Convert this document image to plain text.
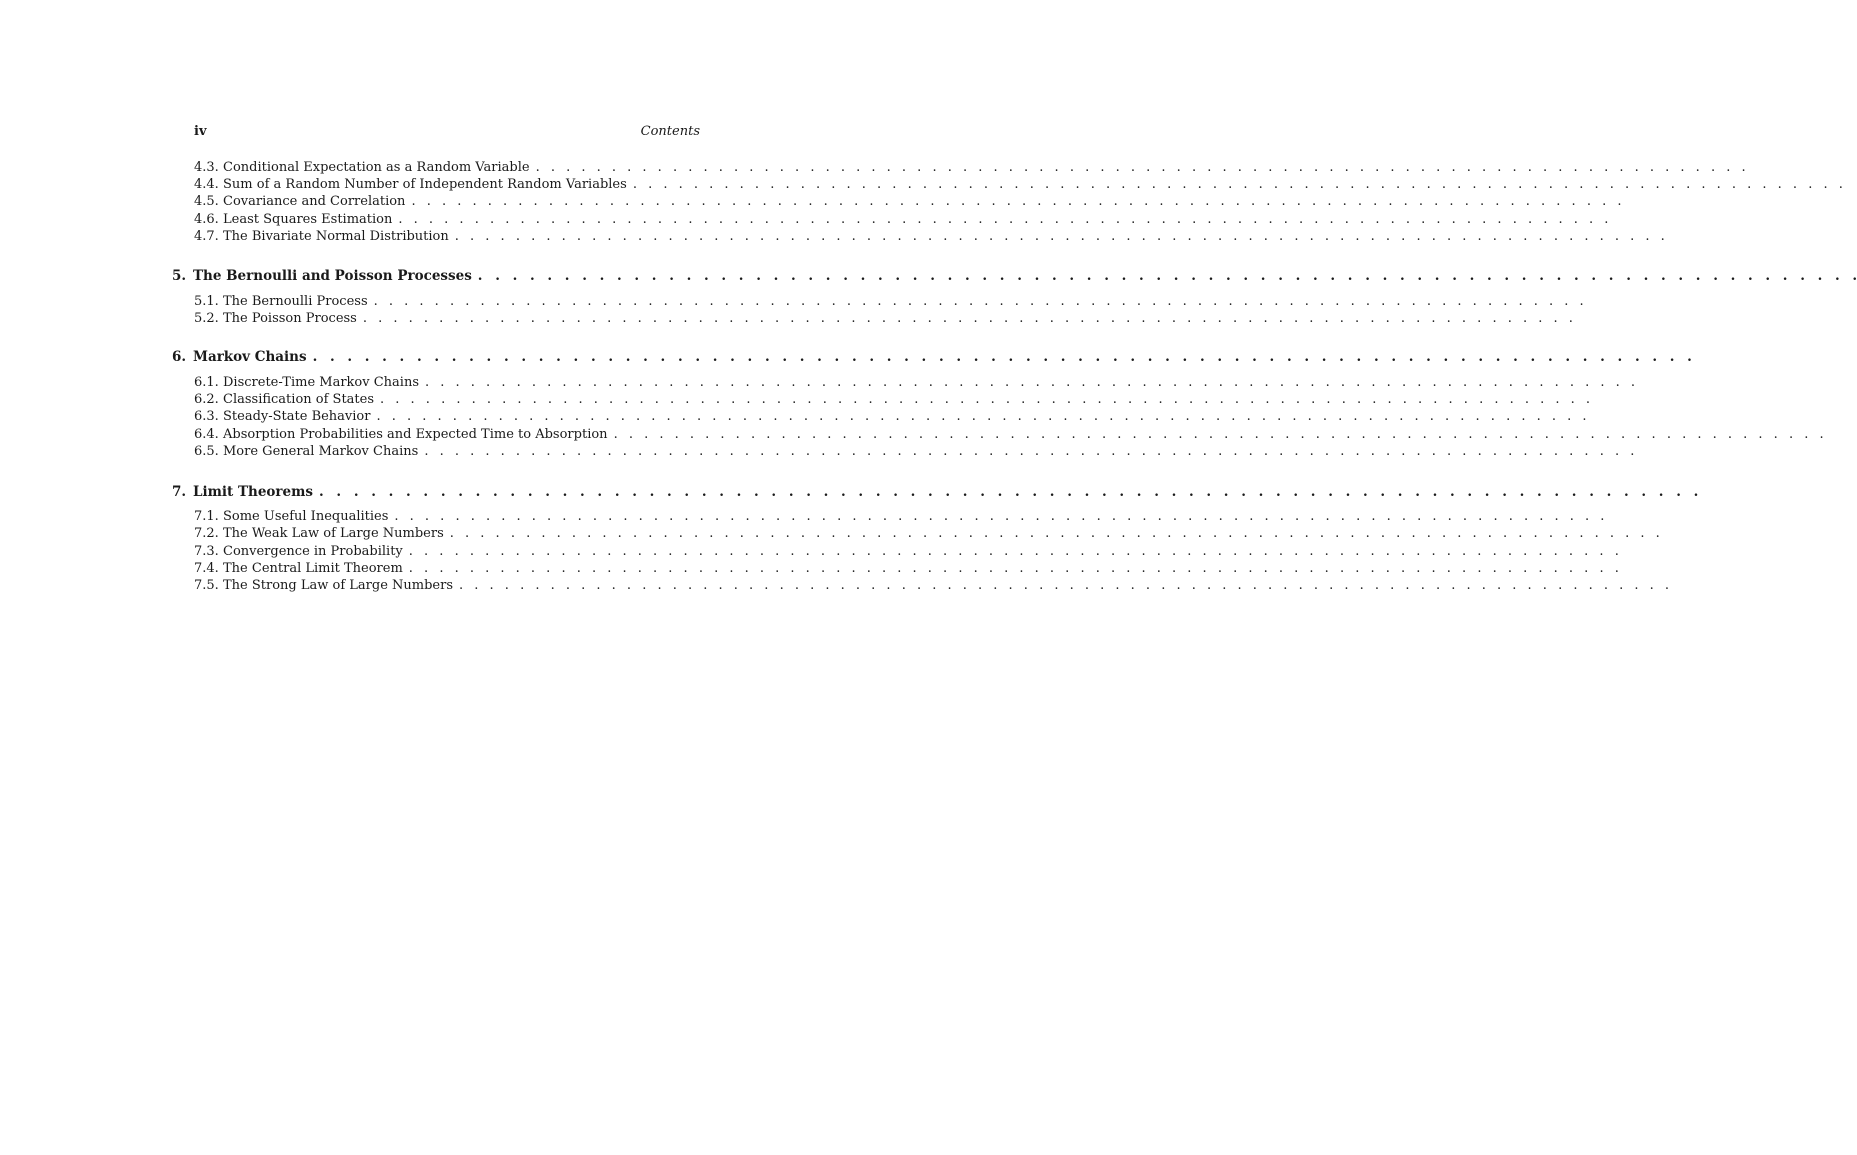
iv	Contents
4.3. Conditional Expectation as a Random Variable . . . . . . . . . . . . . . . . . . . . . . . . . . . . . . . . . . . . . . . . . . . . . . . . . . . . . . . . . . . . . . . . . . . . . . . . . . . . . . . .
4.4. Sum of a Random Number of Independent Random Variables . . . . . . . . . . . . . . . . . . . . . . . . . . . . . . . . . . . . . . . . . . . . . . . . . . . . . . . . . . . . . . . . . . . . . . . . . . . . . . . .
4.5. Covariance and Correlation . . . . . . . . . . . . . . . . . . . . . . . . . . . . . . . . . . . . . . . . . . . . . . . . . . . . . . . . . . . . . . . . . . . . . . . . . . . . . . . .
4.6. Least Squares Estimation . . . . . . . . . . . . . . . . . . . . . . . . . . . . . . . . . . . . . . . . . . . . . . . . . . . . . . . . . . . . . . . . . . . . . . . . . . . . . . . .
4.7. The Bivariate Normal Distribution . . . . . . . . . . . . . . . . . . . . . . . . . . . . . . . . . . . . . . . . . . . . . . . . . . . . . . . . . . . . . . . . . . . . . . . . . . . . . . . .
5. The Bernoulli and Poisson Processes . . . . . . . . . . . . . . . . . . . . . . . . . . . . . . . . . . . . . . . . . . . . . . . . . . . . . . . . . . . . . . . . . . . . . . . . . . . . . . . .
5.1. The Bernoulli Process . . . . . . . . . . . . . . . . . . . . . . . . . . . . . . . . . . . . . . . . . . . . . . . . . . . . . . . . . . . . . . . . . . . . . . . . . . . . . . . .
5.2. The Poisson Process . . . . . . . . . . . . . . . . . . . . . . . . . . . . . . . . . . . . . . . . . . . . . . . . . . . . . . . . . . . . . . . . . . . . . . . . . . . . . . . .
6. Markov Chains . . . . . . . . . . . . . . . . . . . . . . . . . . . . . . . . . . . . . . . . . . . . . . . . . . . . . . . . . . . . . . . . . . . . . . . . . . . . . . . .
6.1. Discrete-Time Markov Chains . . . . . . . . . . . . . . . . . . . . . . . . . . . . . . . . . . . . . . . . . . . . . . . . . . . . . . . . . . . . . . . . . . . . . . . . . . . . . . . .
6.2. Classification of States . . . . . . . . . . . . . . . . . . . . . . . . . . . . . . . . . . . . . . . . . . . . . . . . . . . . . . . . . . . . . . . . . . . . . . . . . . . . . . . .
6.3. Steady-State Behavior . . . . . . . . . . . . . . . . . . . . . . . . . . . . . . . . . . . . . . . . . . . . . . . . . . . . . . . . . . . . . . . . . . . . . . . . . . . . . . . .
6.4. Absorption Probabilities and Expected Time to Absorption . . . . . . . . . . . . . . . . . . . . . . . . . . . . . . . . . . . . . . . . . . . . . . . . . . . . . . . . . . . . . . . . . . . . . . . . . . . . . . . .
6.5. More General Markov Chains . . . . . . . . . . . . . . . . . . . . . . . . . . . . . . . . . . . . . . . . . . . . . . . . . . . . . . . . . . . . . . . . . . . . . . . . . . . . . . . .
7. Limit Theorems . . . . . . . . . . . . . . . . . . . . . . . . . . . . . . . . . . . . . . . . . . . . . . . . . . . . . . . . . . . . . . . . . . . . . . . . . . . . . . . .
7.1. Some Useful Inequalities . . . . . . . . . . . . . . . . . . . . . . . . . . . . . . . . . . . . . . . . . . . . . . . . . . . . . . . . . . . . . . . . . . . . . . . . . . . . . . . .
7.2. The Weak Law of Large Numbers . . . . . . . . . . . . . . . . . . . . . . . . . . . . . . . . . . . . . . . . . . . . . . . . . . . . . . . . . . . . . . . . . . . . . . . . . . . . . . . .
7.3. Convergence in Probability . . . . . . . . . . . . . . . . . . . . . . . . . . . . . . . . . . . . . . . . . . . . . . . . . . . . . . . . . . . . . . . . . . . . . . . . . . . . . . . .
7.4. The Central Limit Theorem . . . . . . . . . . . . . . . . . . . . . . . . . . . . . . . . . . . . . . . . . . . . . . . . . . . . . . . . . . . . . . . . . . . . . . . . . . . . . . . .
7.5. The Strong Law of Large Numbers . . . . . . . . . . . . . . . . . . . . . . . . . . . . . . . . . . . . . . . . . . . . . . . . . . . . . . . . . . . . . . . . . . . . . . . . . . . . . . . .
